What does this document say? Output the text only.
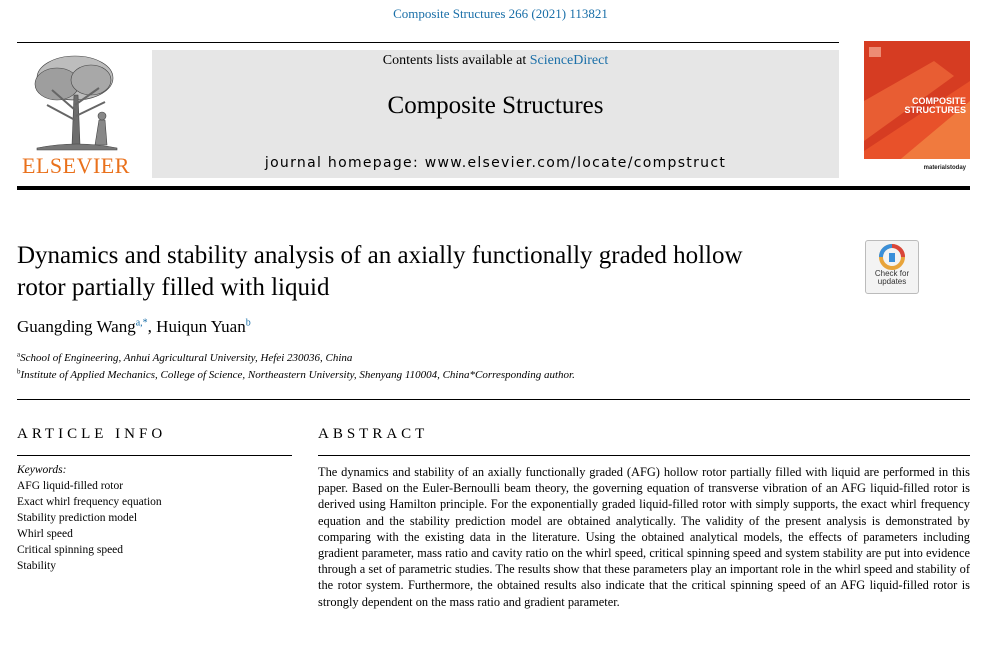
Composite Structures 266 (2021) 113821
ELSEVIER
Contents lists available at ScienceDirect
Composite Structures
journal homepage: www.elsevier.com/locate/compstruct
COMPOSITE
STRUCTURES
materialstoday
Dynamics and stability analysis of an axially functionally graded hollow
rotor partially filled with liquid
Check for
updates
Guangding Wang$^{a,*}$, Huiqun Yuan$^b$
$^a$School of Engineering, Anhui Agricultural University, Hefei 230036, China
$^b$Institute of Applied Mechanics, College of Science, Northeastern University, Shenyang 110004, China*Corresponding author.
ARTICLE INFO
Keywords:
AFG liquid-filled rotor
Exact whirl frequency equation
Stability prediction model
Whirl speed
Critical spinning speed
Stability
ABSTRACT
The dynamics and stability of an axially functionally graded (AFG) hollow rotor partially filled with liquid are performed in this paper. Based on the Euler-Bernoulli beam theory, the governing equation of transverse vibration of an AFG liquid-filled rotor is derived using Hamilton principle. For the exponentially graded liquid-filled rotor with simply supports, the exact whirl frequency equation and the stability prediction model are obtained analytically. The validity of the present analysis is demonstrated by comparing with the existing data in the literature. Using the obtained analytical models, the effects of parameters including gradient parameter, mass ratio and cavity ratio on the whirl speed, critical spinning speed and system stability are put into evidence through a set of parametric studies. The results show that these parameters play an important role in the whirl speed and stability of the rotor system. Furthermore, the obtained results also indicate that the critical spinning speed of an AFG liquid-filled rotor is strongly dependent on the mass ratio and gradient parameter.
